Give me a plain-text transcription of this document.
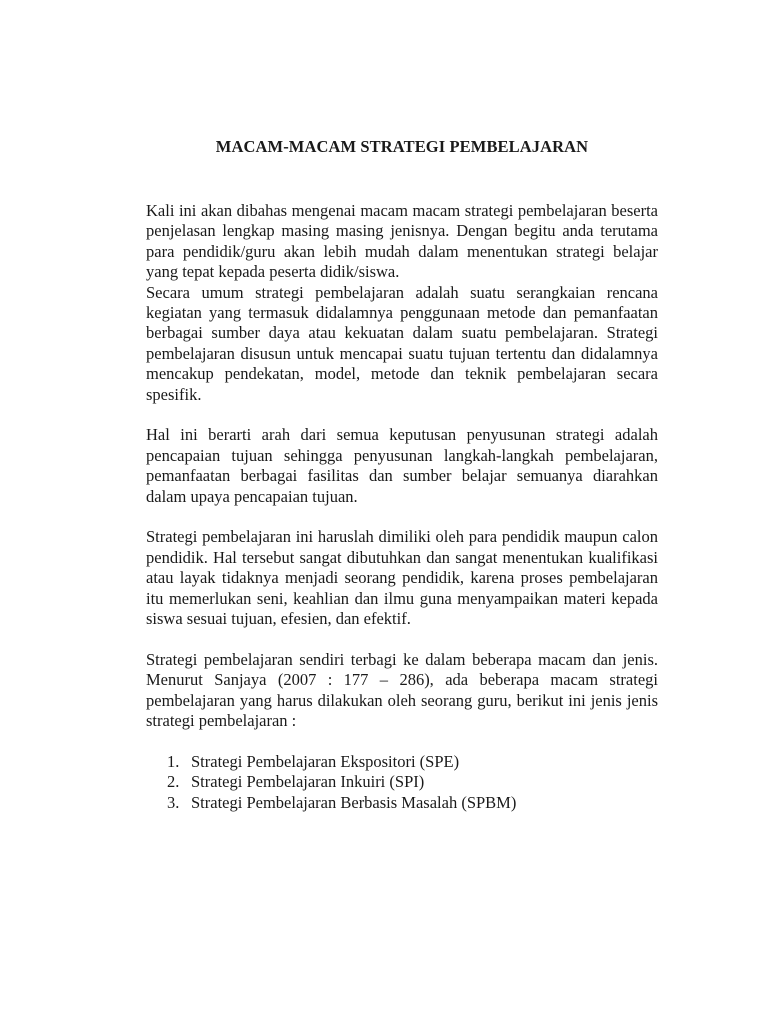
MACAM-MACAM STRATEGI PEMBELAJARAN

Kali ini akan dibahas mengenai macam macam strategi pembelajaran beserta penjelasan lengkap masing masing jenisnya. Dengan begitu anda terutama para pendidik/guru akan lebih mudah dalam menentukan strategi belajar yang tepat kepada peserta didik/siswa.

Secara umum strategi pembelajaran adalah suatu serangkaian rencana kegiatan yang termasuk didalamnya penggunaan metode dan pemanfaatan berbagai sumber daya atau kekuatan dalam suatu pembelajaran. Strategi pembelajaran disusun untuk mencapai suatu tujuan tertentu dan didalamnya mencakup pendekatan, model, metode dan teknik pembelajaran secara spesifik.

Hal ini berarti arah dari semua keputusan penyusunan strategi adalah pencapaian tujuan sehingga penyusunan langkah-langkah pembelajaran, pemanfaatan berbagai fasilitas dan sumber belajar semuanya diarahkan dalam upaya pencapaian tujuan.

Strategi pembelajaran ini haruslah dimiliki oleh para pendidik maupun calon pendidik. Hal tersebut sangat dibutuhkan dan sangat menentukan kualifikasi atau layak tidaknya menjadi seorang pendidik, karena proses pembelajaran itu memerlukan seni, keahlian dan ilmu guna menyampaikan materi kepada siswa sesuai tujuan, efesien, dan efektif.

Strategi pembelajaran sendiri terbagi ke dalam beberapa macam dan jenis. Menurut Sanjaya (2007 : 177 – 286), ada beberapa macam strategi pembelajaran yang harus dilakukan oleh seorang guru, berikut ini jenis jenis strategi pembelajaran :

1. Strategi Pembelajaran Ekspositori (SPE)
2. Strategi Pembelajaran Inkuiri (SPI)
3. Strategi Pembelajaran Berbasis Masalah (SPBM)
